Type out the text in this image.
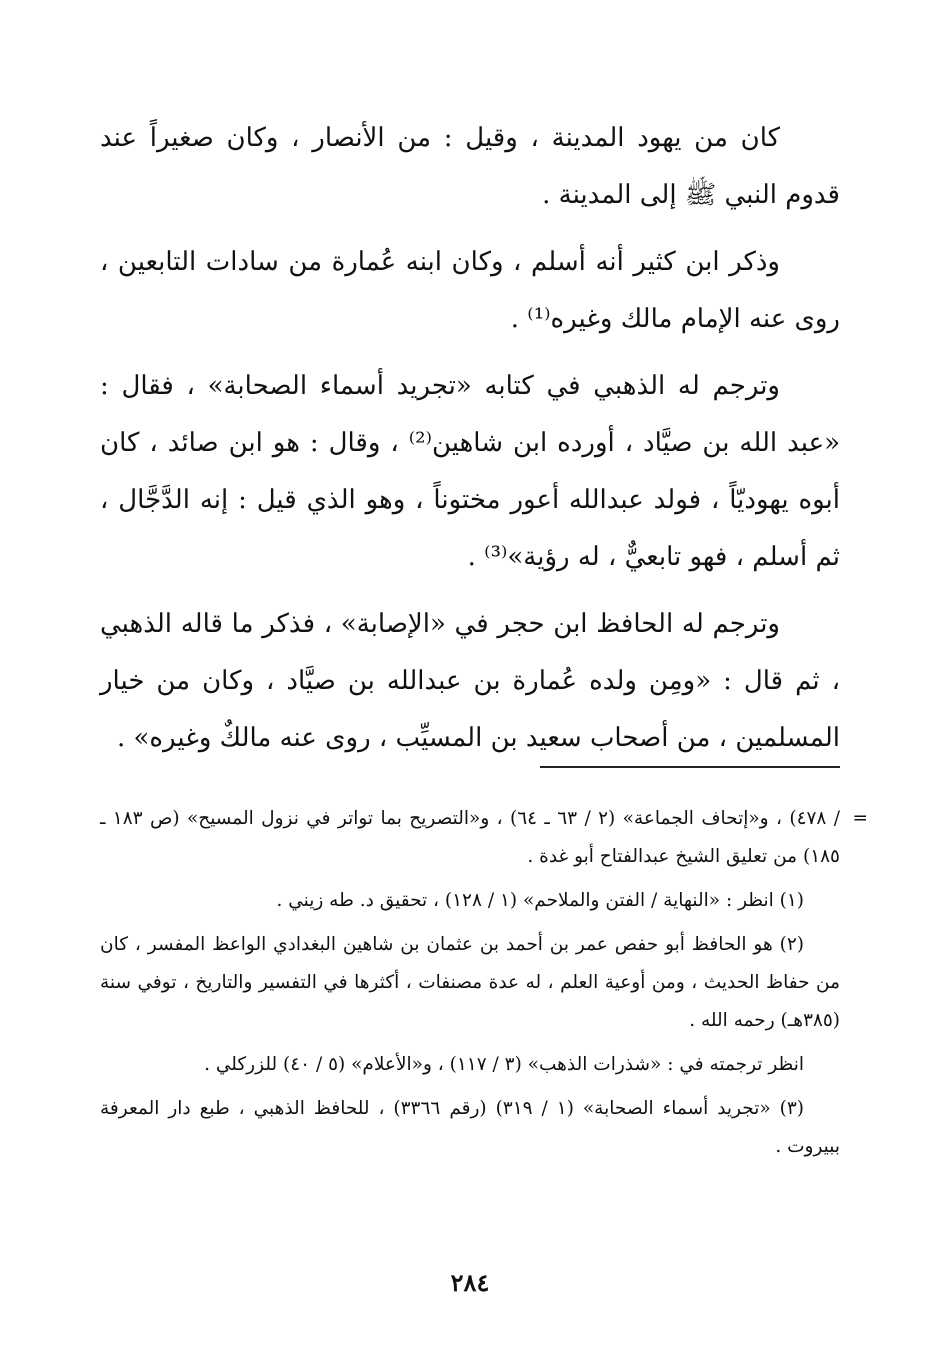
كان من يهود المدينة ، وقيل : من الأنصار ، وكان صغيراً عند قدوم النبي ﷺ إلى المدينة .

وذكر ابن كثير أنه أسلم ، وكان ابنه عُمارة من سادات التابعين ، روى عنه الإمام مالك وغيره⁽¹⁾ .

وترجم له الذهبي في كتابه «تجريد أسماء الصحابة» ، فقال : «عبد الله بن صيَّاد ، أورده ابن شاهين⁽²⁾ ، وقال : هو ابن صائد ، كان أبوه يهوديّاً ، فولد عبدالله أعور مختوناً ، وهو الذي قيل : إنه الدَّجَّال ، ثم أسلم ، فهو تابعيٌّ ، له رؤية»⁽³⁾ .

وترجم له الحافظ ابن حجر في «الإصابة» ، فذكر ما قاله الذهبي ، ثم قال : «ومِن ولده عُمارة بن عبدالله بن صيَّاد ، وكان من خيار المسلمين ، من أصحاب سعيد بن المسيِّب ، روى عنه مالكٌ وغيره» .

=
/ ٤٧٨) ، و«إتحاف الجماعة» (٢ / ٦٣ ـ ٦٤) ، و«التصريح بما تواتر في نزول المسيح» (ص ١٨٣ ـ ١٨٥) من تعليق الشيخ عبدالفتاح أبو غدة .

(١) انظر : «النهاية / الفتن والملاحم» (١ / ١٢٨) ، تحقيق د. طه زيني .

(٢) هو الحافظ أبو حفص عمر بن أحمد بن عثمان بن شاهين البغدادي الواعظ المفسر ، كان من حفاظ الحديث ، ومن أوعية العلم ، له عدة مصنفات ، أكثرها في التفسير والتاريخ ، توفي سنة (٣٨٥هـ) رحمه الله .

انظر ترجمته في : «شذرات الذهب» (٣ / ١١٧) ، و«الأعلام» (٥ / ٤٠) للزركلي .

(٣) «تجريد أسماء الصحابة» (١ / ٣١٩) (رقم ٣٣٦٦) ، للحافظ الذهبي ، طبع دار المعرفة ببيروت .

٢٨٤
